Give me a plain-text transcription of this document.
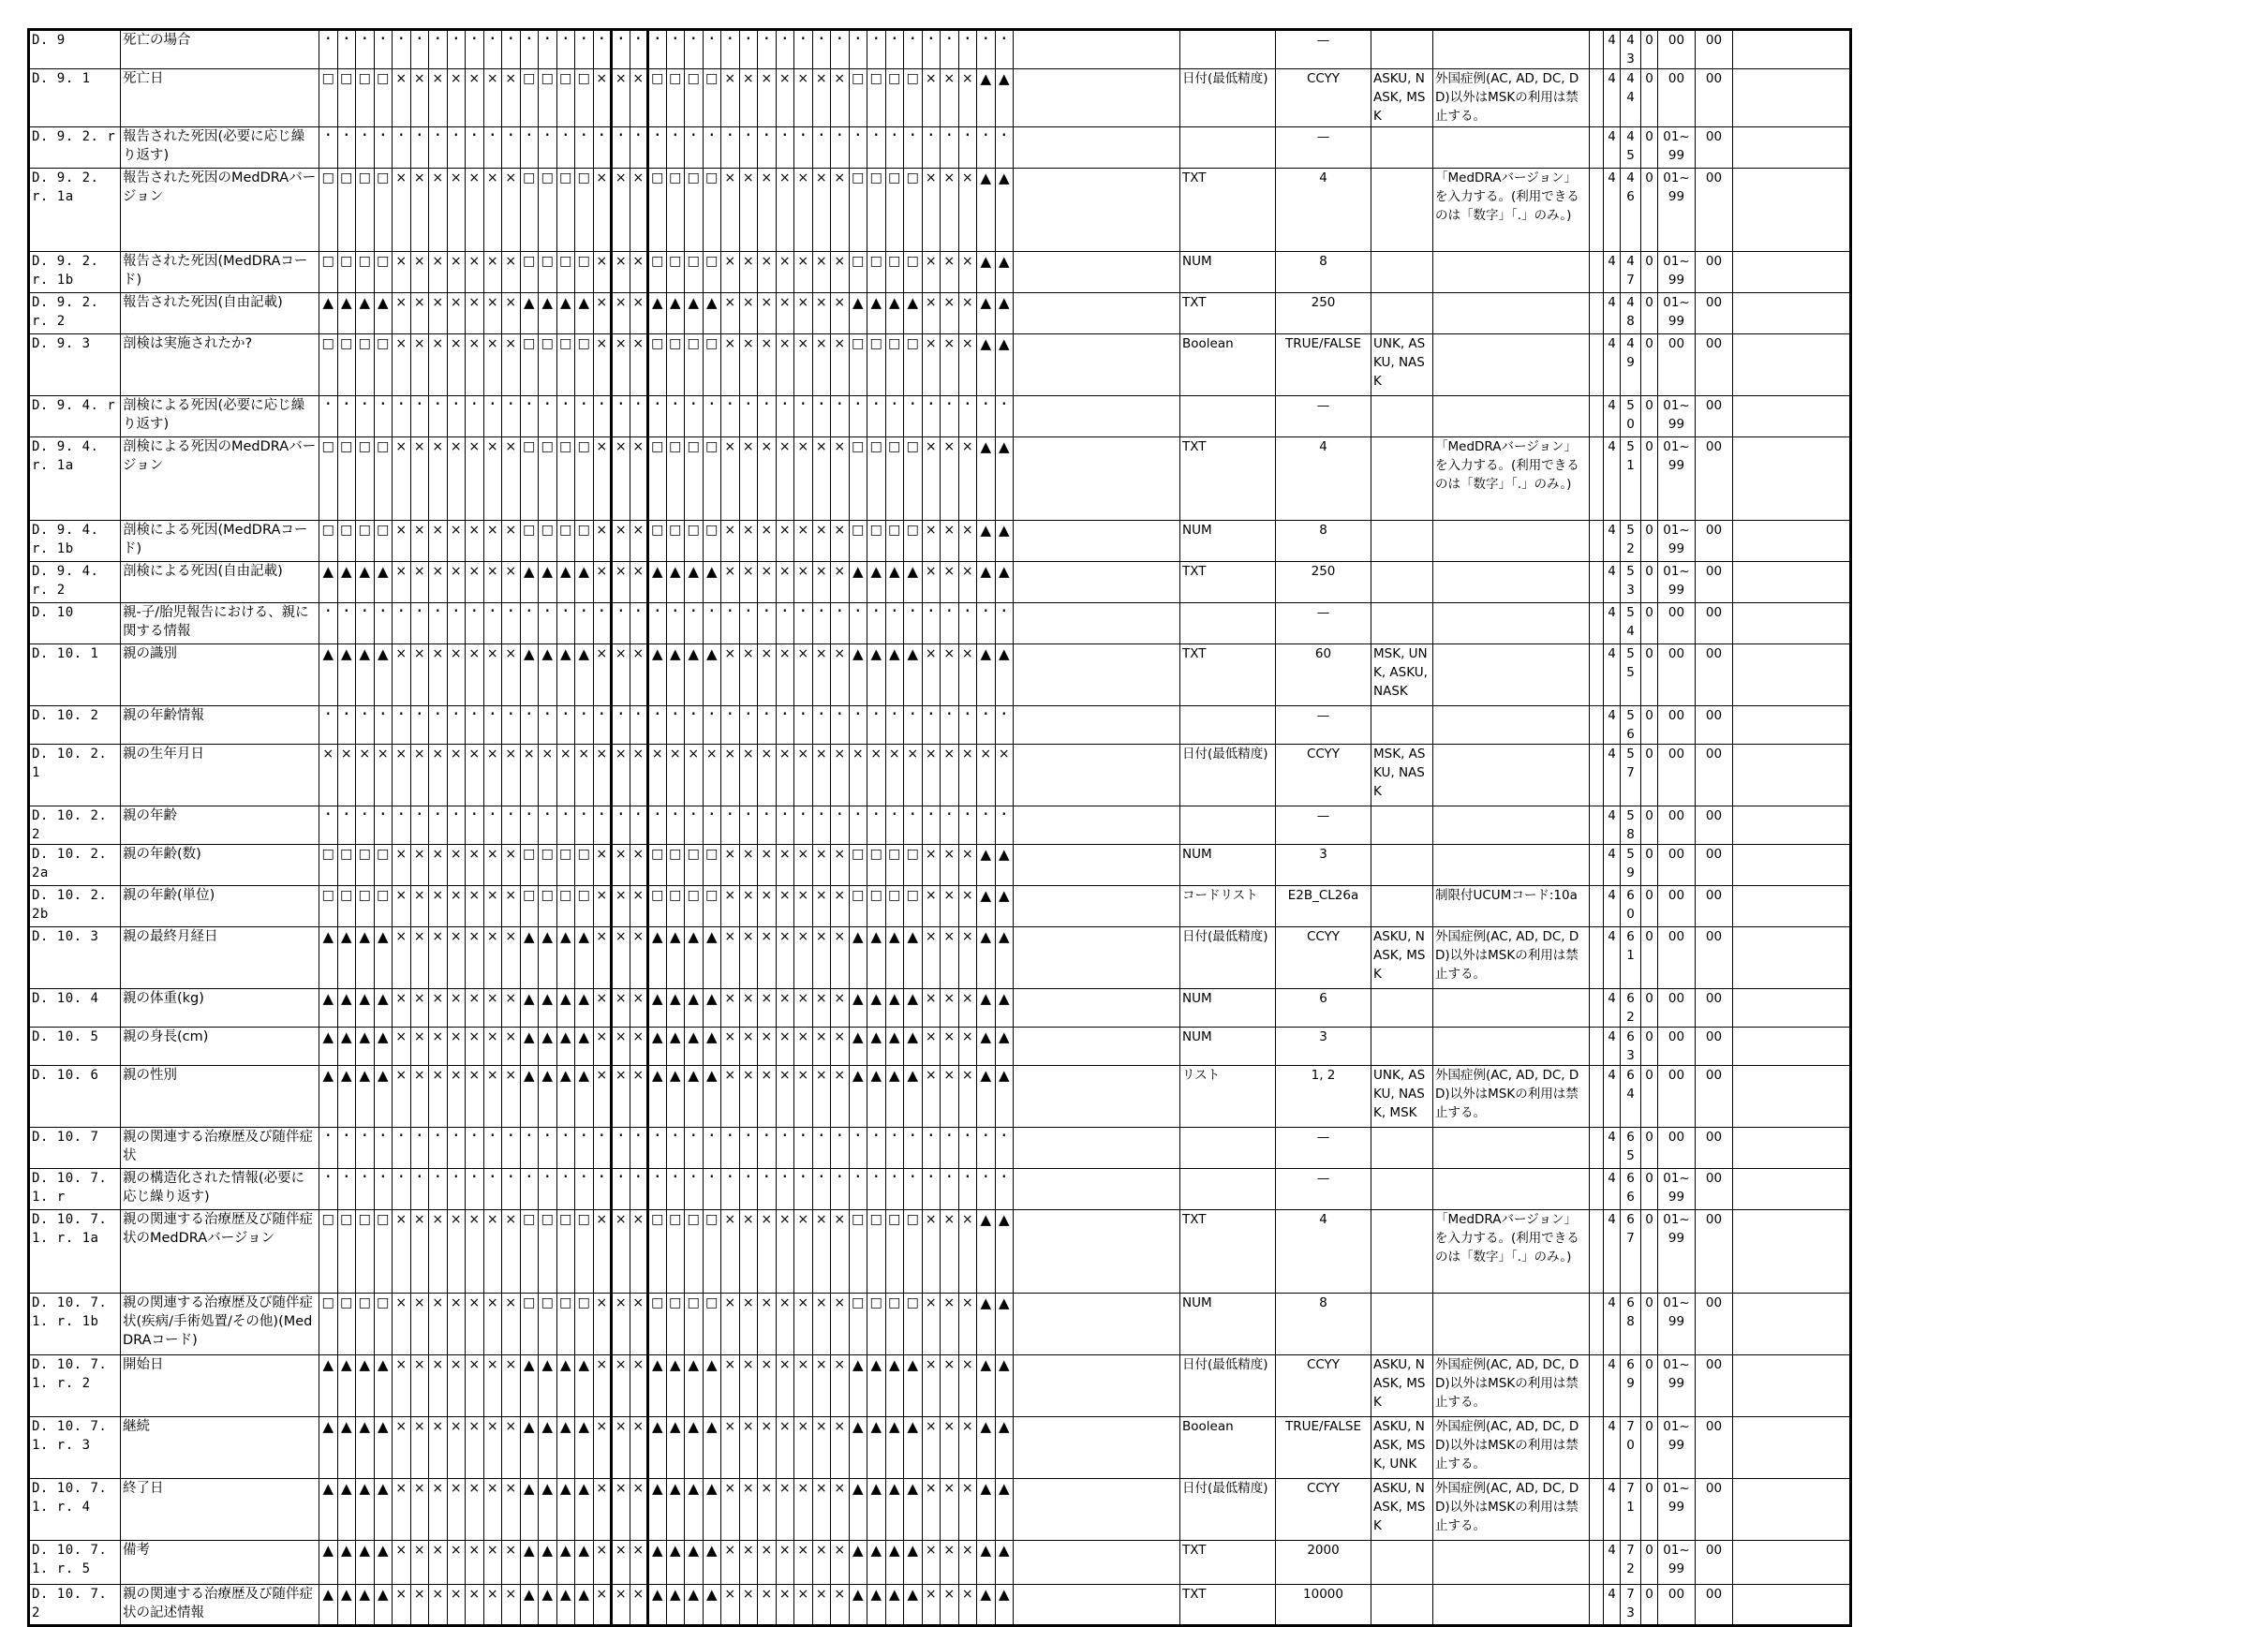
D. 9	死亡の場合	·	·	·	·	·	·	·	·	·	·	·	·	·	·	·	·	·	·	·	·	·	·	·	·	·	·	·	·	·	·	·	·	·	·	·	·	·	·			—				4	43	0	00	00	
D. 9. 1	死亡日	□	□	□	□	×	×	×	×	×	×	×	□	□	□	□	×	×	×	□	□	□	□	×	×	×	×	×	×	×	□	□	□	□	×	×	×	▲	▲		日付(最低精度)	CCYY	ASKU, NASK, MSK	外国症例(AC, AD, DC, DD)以外はMSKの利用は禁止する。		4	44	0	00	00	
D. 9. 2. r	報告された死因(必要に応じ繰り返す)	·	·	·	·	·	·	·	·	·	·	·	·	·	·	·	·	·	·	·	·	·	·	·	·	·	·	·	·	·	·	·	·	·	·	·	·	·	·			—				4	45	0	01~99	00	
D. 9. 2. r. 1a	報告された死因のMedDRAバージョン	□	□	□	□	×	×	×	×	×	×	×	□	□	□	□	×	×	×	□	□	□	□	×	×	×	×	×	×	×	□	□	□	□	×	×	×	▲	▲		TXT	4		「MedDRAバージョン」を入力する。(利用できるのは「数字」「.」のみ。)		4	46	0	01~99	00	
D. 9. 2. r. 1b	報告された死因(MedDRAコード)	□	□	□	□	×	×	×	×	×	×	×	□	□	□	□	×	×	×	□	□	□	□	×	×	×	×	×	×	×	□	□	□	□	×	×	×	▲	▲		NUM	8				4	47	0	01~99	00	
D. 9. 2. r. 2	報告された死因(自由記載)	▲	▲	▲	▲	×	×	×	×	×	×	×	▲	▲	▲	▲	×	×	×	▲	▲	▲	▲	×	×	×	×	×	×	×	▲	▲	▲	▲	×	×	×	▲	▲		TXT	250				4	48	0	01~99	00	
D. 9. 3	剖検は実施されたか?	□	□	□	□	×	×	×	×	×	×	×	□	□	□	□	×	×	×	□	□	□	□	×	×	×	×	×	×	×	□	□	□	□	×	×	×	▲	▲		Boolean	TRUE/FALSE	UNK, ASKU, NASK			4	49	0	00	00	
D. 9. 4. r	剖検による死因(必要に応じ繰り返す)	·	·	·	·	·	·	·	·	·	·	·	·	·	·	·	·	·	·	·	·	·	·	·	·	·	·	·	·	·	·	·	·	·	·	·	·	·	·			—				4	50	0	01~99	00	
D. 9. 4. r. 1a	剖検による死因のMedDRAバージョン	□	□	□	□	×	×	×	×	×	×	×	□	□	□	□	×	×	×	□	□	□	□	×	×	×	×	×	×	×	□	□	□	□	×	×	×	▲	▲		TXT	4		「MedDRAバージョン」を入力する。(利用できるのは「数字」「.」のみ。)		4	51	0	01~99	00	
D. 9. 4. r. 1b	剖検による死因(MedDRAコード)	□	□	□	□	×	×	×	×	×	×	×	□	□	□	□	×	×	×	□	□	□	□	×	×	×	×	×	×	×	□	□	□	□	×	×	×	▲	▲		NUM	8				4	52	0	01~99	00	
D. 9. 4. r. 2	剖検による死因(自由記載)	▲	▲	▲	▲	×	×	×	×	×	×	×	▲	▲	▲	▲	×	×	×	▲	▲	▲	▲	×	×	×	×	×	×	×	▲	▲	▲	▲	×	×	×	▲	▲		TXT	250				4	53	0	01~99	00	
D. 10	親-子/胎児報告における、親に関する情報	·	·	·	·	·	·	·	·	·	·	·	·	·	·	·	·	·	·	·	·	·	·	·	·	·	·	·	·	·	·	·	·	·	·	·	·	·	·			—				4	54	0	00	00	
D. 10. 1	親の識別	▲	▲	▲	▲	×	×	×	×	×	×	×	▲	▲	▲	▲	×	×	×	▲	▲	▲	▲	×	×	×	×	×	×	×	▲	▲	▲	▲	×	×	×	▲	▲		TXT	60	MSK, UNK, ASKU, NASK			4	55	0	00	00	
D. 10. 2	親の年齢情報	·	·	·	·	·	·	·	·	·	·	·	·	·	·	·	·	·	·	·	·	·	·	·	·	·	·	·	·	·	·	·	·	·	·	·	·	·	·			—				4	56	0	00	00	
D. 10. 2. 1	親の生年月日	×	×	×	×	×	×	×	×	×	×	×	×	×	×	×	×	×	×	×	×	×	×	×	×	×	×	×	×	×	×	×	×	×	×	×	×	×	×		日付(最低精度)	CCYY	MSK, ASKU, NASK			4	57	0	00	00	
D. 10. 2. 2	親の年齢	·	·	·	·	·	·	·	·	·	·	·	·	·	·	·	·	·	·	·	·	·	·	·	·	·	·	·	·	·	·	·	·	·	·	·	·	·	·			—				4	58	0	00	00	
D. 10. 2. 2a	親の年齢(数)	□	□	□	□	×	×	×	×	×	×	×	□	□	□	□	×	×	×	□	□	□	□	×	×	×	×	×	×	×	□	□	□	□	×	×	×	▲	▲		NUM	3				4	59	0	00	00	
D. 10. 2. 2b	親の年齢(単位)	□	□	□	□	×	×	×	×	×	×	×	□	□	□	□	×	×	×	□	□	□	□	×	×	×	×	×	×	×	□	□	□	□	×	×	×	▲	▲		コードリスト	E2B_CL26a		制限付UCUMコード:10a		4	60	0	00	00	
D. 10. 3	親の最終月経日	▲	▲	▲	▲	×	×	×	×	×	×	×	▲	▲	▲	▲	×	×	×	▲	▲	▲	▲	×	×	×	×	×	×	×	▲	▲	▲	▲	×	×	×	▲	▲		日付(最低精度)	CCYY	ASKU, NASK, MSK	外国症例(AC, AD, DC, DD)以外はMSKの利用は禁止する。		4	61	0	00	00	
D. 10. 4	親の体重(kg)	▲	▲	▲	▲	×	×	×	×	×	×	×	▲	▲	▲	▲	×	×	×	▲	▲	▲	▲	×	×	×	×	×	×	×	▲	▲	▲	▲	×	×	×	▲	▲		NUM	6				4	62	0	00	00	
D. 10. 5	親の身長(cm)	▲	▲	▲	▲	×	×	×	×	×	×	×	▲	▲	▲	▲	×	×	×	▲	▲	▲	▲	×	×	×	×	×	×	×	▲	▲	▲	▲	×	×	×	▲	▲		NUM	3				4	63	0	00	00	
D. 10. 6	親の性別	▲	▲	▲	▲	×	×	×	×	×	×	×	▲	▲	▲	▲	×	×	×	▲	▲	▲	▲	×	×	×	×	×	×	×	▲	▲	▲	▲	×	×	×	▲	▲		リスト	1, 2	UNK, ASKU, NASK, MSK	外国症例(AC, AD, DC, DD)以外はMSKの利用は禁止する。		4	64	0	00	00	
D. 10. 7	親の関連する治療歴及び随伴症状	·	·	·	·	·	·	·	·	·	·	·	·	·	·	·	·	·	·	·	·	·	·	·	·	·	·	·	·	·	·	·	·	·	·	·	·	·	·			—				4	65	0	00	00	
D. 10. 7. 1. r	親の構造化された情報(必要に応じ繰り返す)	·	·	·	·	·	·	·	·	·	·	·	·	·	·	·	·	·	·	·	·	·	·	·	·	·	·	·	·	·	·	·	·	·	·	·	·	·	·			—				4	66	0	01~99	00	
D. 10. 7. 1. r. 1a	親の関連する治療歴及び随伴症状のMedDRAバージョン	□	□	□	□	×	×	×	×	×	×	×	□	□	□	□	×	×	×	□	□	□	□	×	×	×	×	×	×	×	□	□	□	□	×	×	×	▲	▲		TXT	4		「MedDRAバージョン」を入力する。(利用できるのは「数字」「.」のみ。)		4	67	0	01~99	00	
D. 10. 7. 1. r. 1b	親の関連する治療歴及び随伴症状(疾病/手術処置/その他)(MedDRAコード)	□	□	□	□	×	×	×	×	×	×	×	□	□	□	□	×	×	×	□	□	□	□	×	×	×	×	×	×	×	□	□	□	□	×	×	×	▲	▲		NUM	8				4	68	0	01~99	00	
D. 10. 7. 1. r. 2	開始日	▲	▲	▲	▲	×	×	×	×	×	×	×	▲	▲	▲	▲	×	×	×	▲	▲	▲	▲	×	×	×	×	×	×	×	▲	▲	▲	▲	×	×	×	▲	▲		日付(最低精度)	CCYY	ASKU, NASK, MSK	外国症例(AC, AD, DC, DD)以外はMSKの利用は禁止する。		4	69	0	01~99	00	
D. 10. 7. 1. r. 3	継続	▲	▲	▲	▲	×	×	×	×	×	×	×	▲	▲	▲	▲	×	×	×	▲	▲	▲	▲	×	×	×	×	×	×	×	▲	▲	▲	▲	×	×	×	▲	▲		Boolean	TRUE/FALSE	ASKU, NASK, MSK, UNK	外国症例(AC, AD, DC, DD)以外はMSKの利用は禁止する。		4	70	0	01~99	00	
D. 10. 7. 1. r. 4	終了日	▲	▲	▲	▲	×	×	×	×	×	×	×	▲	▲	▲	▲	×	×	×	▲	▲	▲	▲	×	×	×	×	×	×	×	▲	▲	▲	▲	×	×	×	▲	▲		日付(最低精度)	CCYY	ASKU, NASK, MSK	外国症例(AC, AD, DC, DD)以外はMSKの利用は禁止する。		4	71	0	01~99	00	
D. 10. 7. 1. r. 5	備考	▲	▲	▲	▲	×	×	×	×	×	×	×	▲	▲	▲	▲	×	×	×	▲	▲	▲	▲	×	×	×	×	×	×	×	▲	▲	▲	▲	×	×	×	▲	▲		TXT	2000				4	72	0	01~99	00	
D. 10. 7. 2	親の関連する治療歴及び随伴症状の記述情報	▲	▲	▲	▲	×	×	×	×	×	×	×	▲	▲	▲	▲	×	×	×	▲	▲	▲	▲	×	×	×	×	×	×	×	▲	▲	▲	▲	×	×	×	▲	▲		TXT	10000				4	73	0	00	00	
